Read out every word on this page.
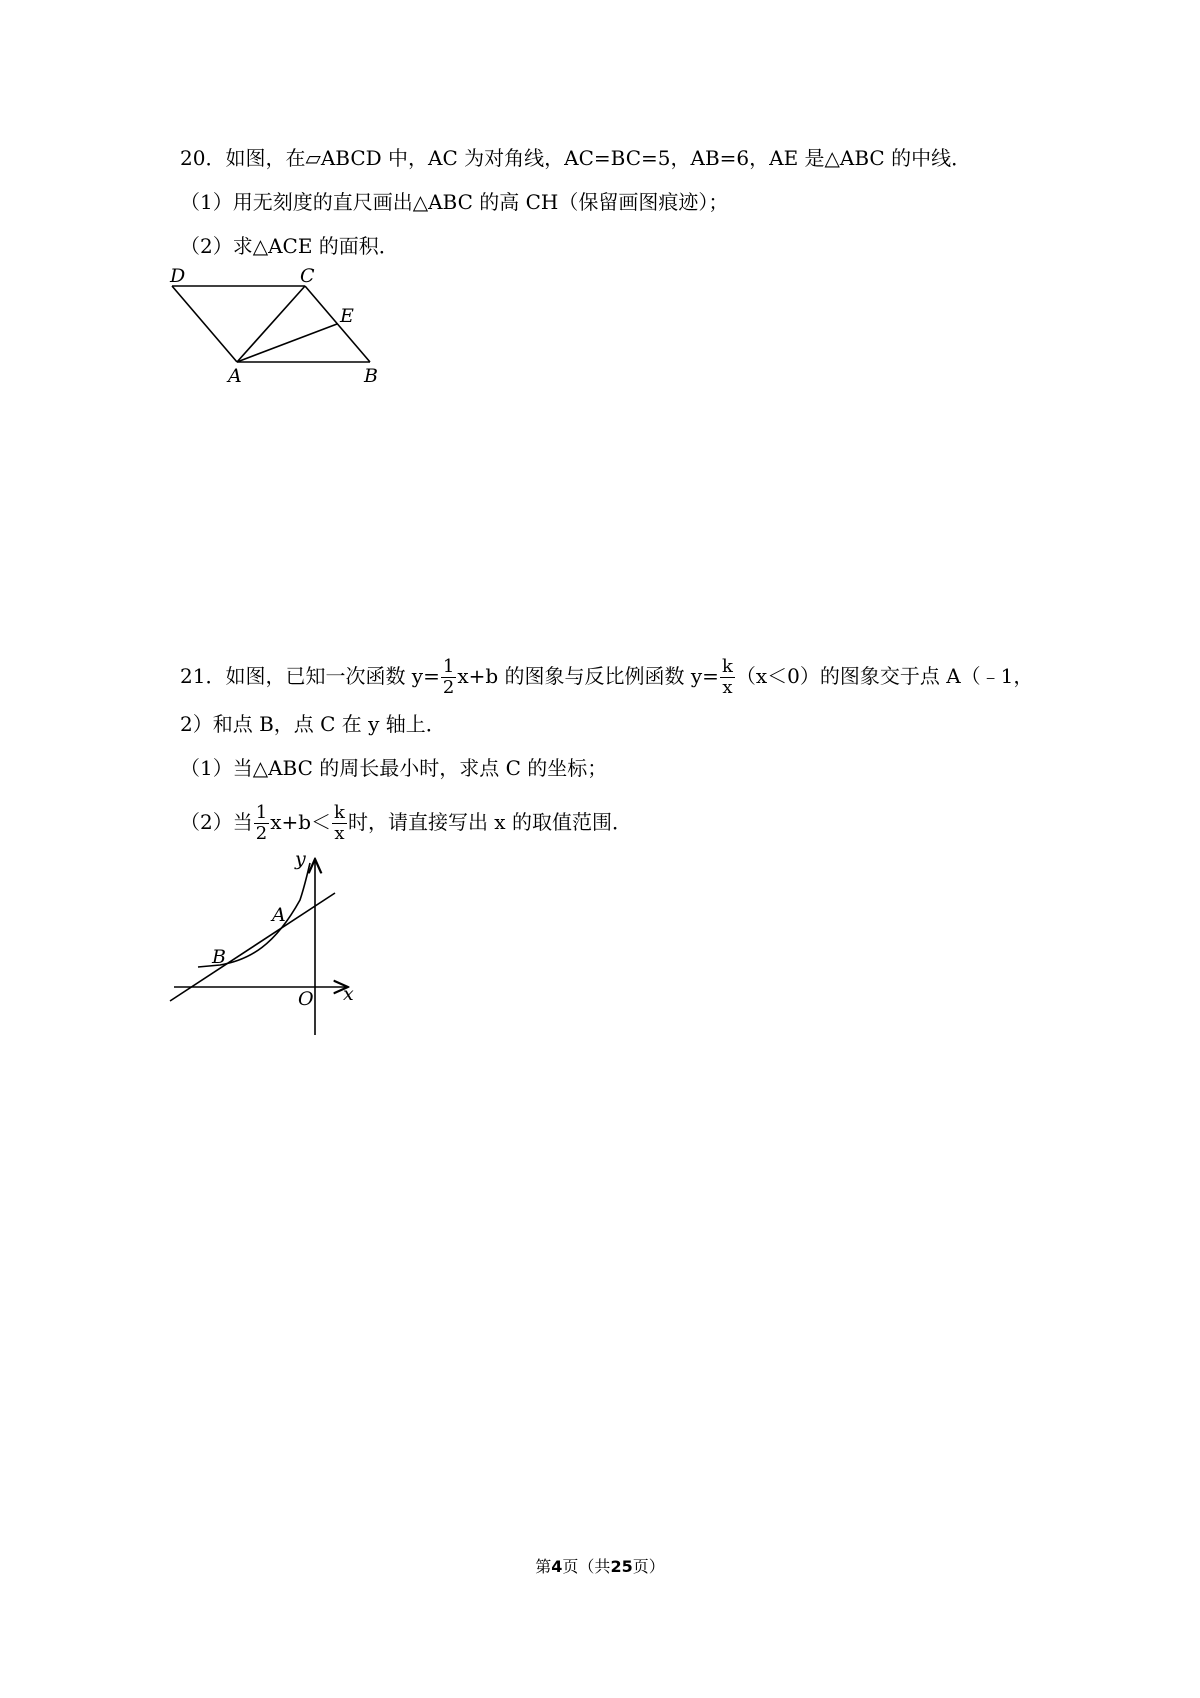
20．如图，在▱ABCD 中，AC 为对角线，AC=BC=5，AB=6，AE 是△ABC 的中线．
（1）用无刻度的直尺画出△ABC 的高 CH（保留画图痕迹）；
（2）求△ACE 的面积．
D	C
E
A	B
21．如图，已知一次函数 $y= \frac{1}{2} x+b$ 的图象与反比例函数 $y= \frac{k}{x} (x<0)$的图象交于点 A（﹣1，
2）和点 B，点 C 在 y 轴上．
（1）当△ABC 的周长最小时，求点 C 的坐标；
（2）当 $\frac{1}{2} x+b< \frac{k}{x}$ 时，请直接写出 x 的取值范围．
y
x
O
A
B
第4页（共25页）
